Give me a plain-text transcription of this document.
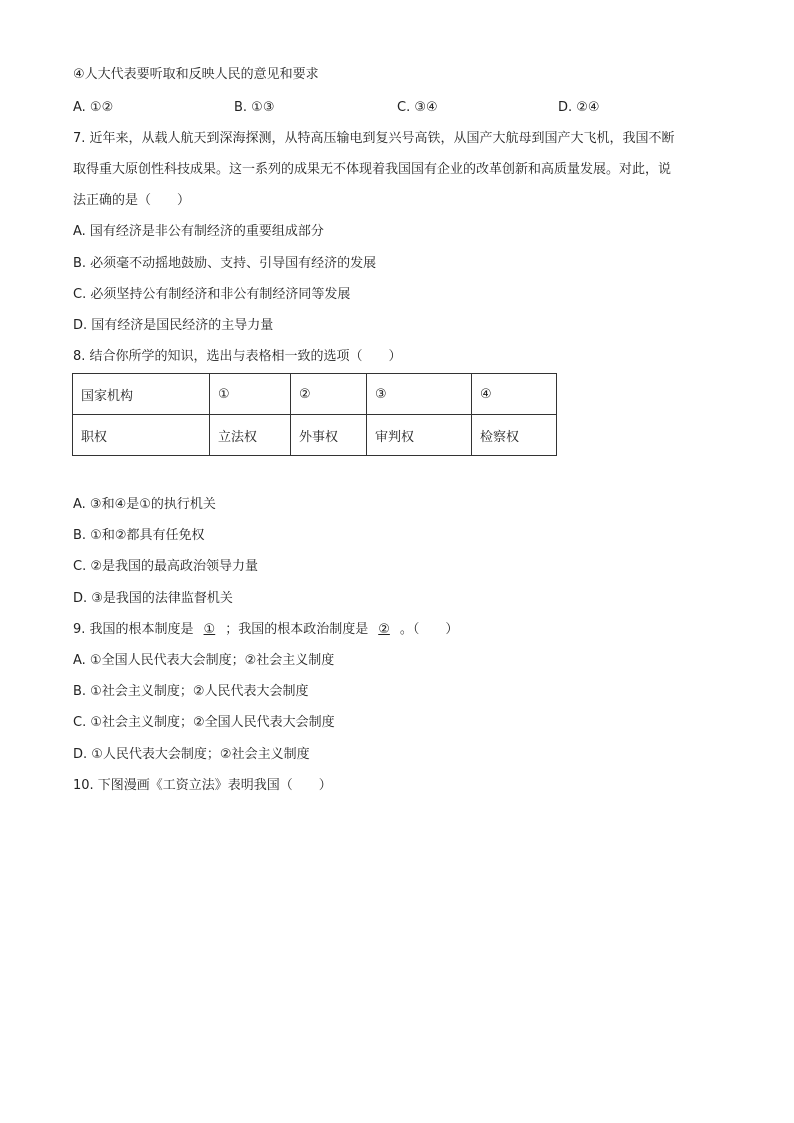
④人大代表要听取和反映人民的意见和要求
A. ①②	B. ①③	C. ③④	D. ②④
7. 近年来，从载人航天到深海探测，从特高压输电到复兴号高铁，从国产大航母到国产大飞机，我国不断
取得重大原创性科技成果。这一系列的成果无不体现着我国国有企业的改革创新和高质量发展。对此，说
法正确的是（　　）
A. 国有经济是非公有制经济的重要组成部分
B. 必须毫不动摇地鼓励、支持、引导国有经济的发展
C. 必须坚持公有制经济和非公有制经济同等发展
D. 国有经济是国民经济的主导力量
8. 结合你所学的知识，选出与表格相一致的选项（　　）
国家机构	①	②	③	④
职权	立法权	外事权	审判权	检察权
A. ③和④是①的执行机关
B. ①和②都具有任免权
C. ②是我国的最高政治领导力量
D. ③是我国的法律监督机关
9. 我国的根本制度是 ① ；我国的根本政治制度是 ② 。（　　）
A. ①全国人民代表大会制度；②社会主义制度
B. ①社会主义制度；②人民代表大会制度
C. ①社会主义制度；②全国人民代表大会制度
D. ①人民代表大会制度；②社会主义制度
10. 下图漫画《工资立法》表明我国（　　）
